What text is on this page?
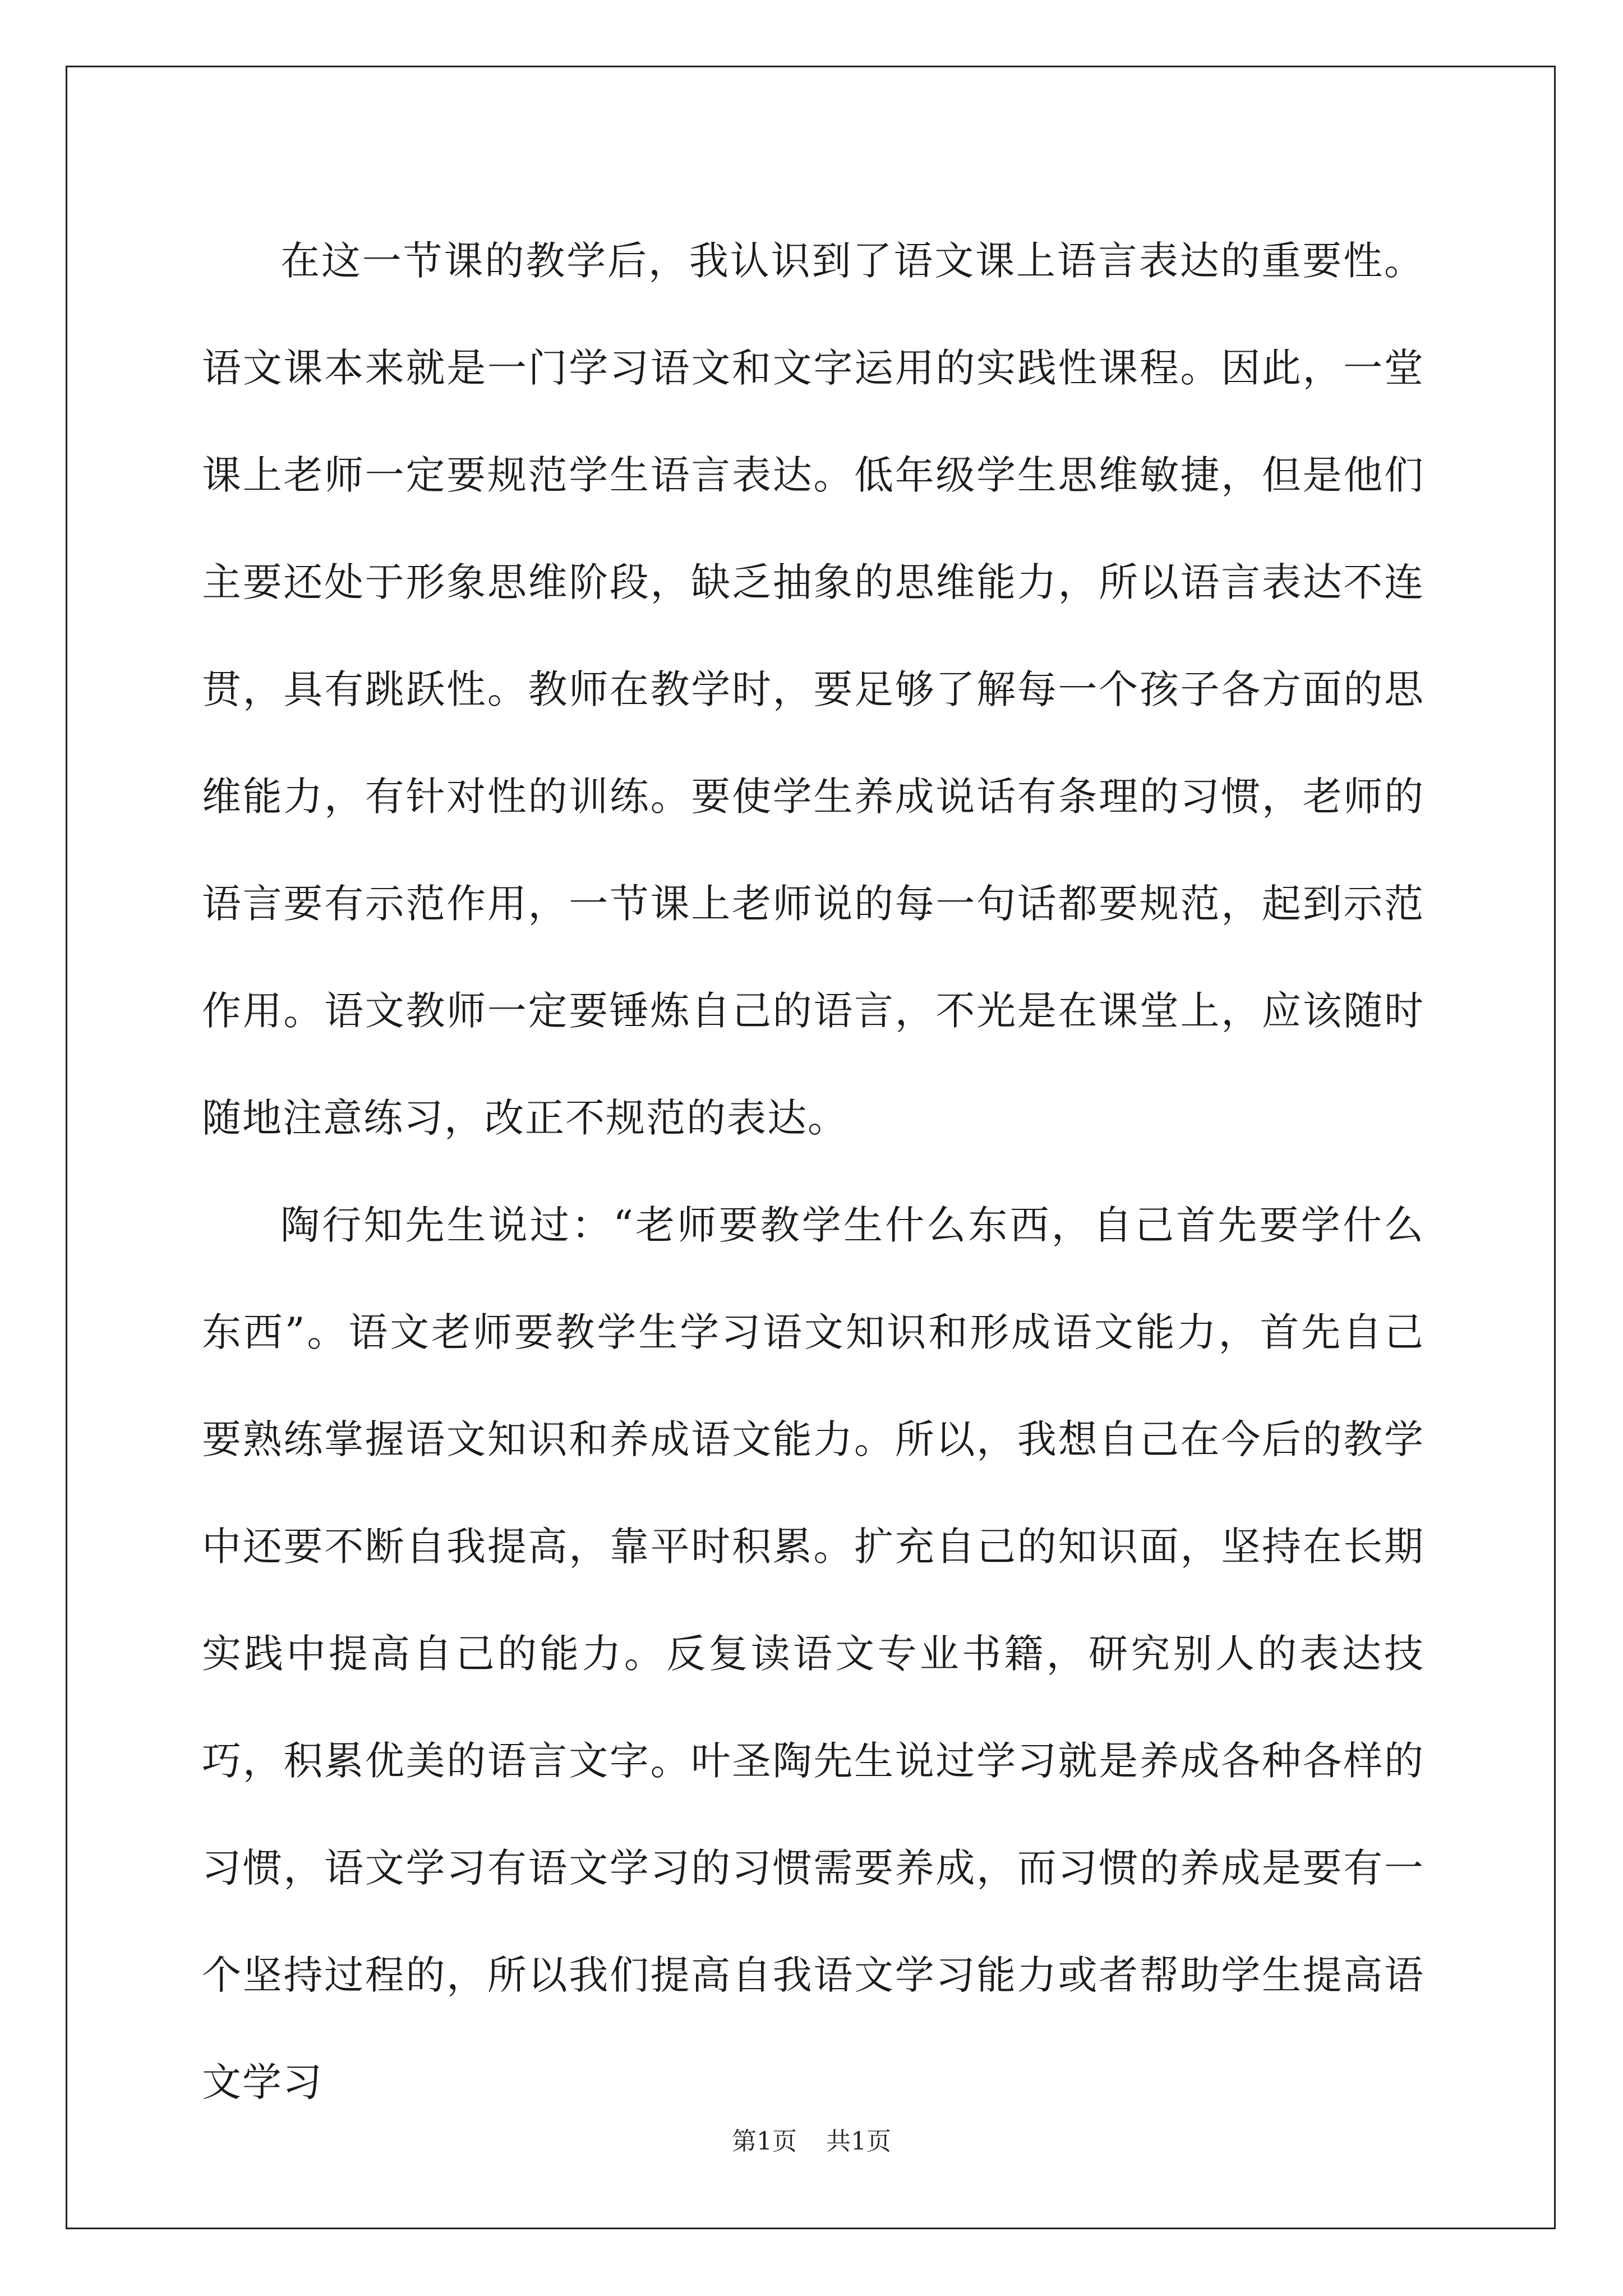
在这一节课的教学后，我认识到了语文课上语言表达的重要性。语文课本来就是一门学习语文和文字运用的实践性课程。因此，一堂课上老师一定要规范学生语言表达。低年级学生思维敏捷，但是他们主要还处于形象思维阶段，缺乏抽象的思维能力，所以语言表达不连贯，具有跳跃性。教师在教学时，要足够了解每一个孩子各方面的思维能力，有针对性的训练。要使学生养成说话有条理的习惯，老师的语言要有示范作用，一节课上老师说的每一句话都要规范，起到示范作用。语文教师一定要锤炼自己的语言，不光是在课堂上，应该随时随地注意练习，改正不规范的表达。

陶行知先生说过：“老师要教学生什么东西，自己首先要学什么东西”。语文老师要教学生学习语文知识和形成语文能力，首先自己要熟练掌握语文知识和养成语文能力。所以，我想自己在今后的教学中还要不断自我提高，靠平时积累。扩充自己的知识面，坚持在长期实践中提高自己的能力。反复读语文专业书籍，研究别人的表达技巧，积累优美的语言文字。叶圣陶先生说过学习就是养成各种各样的习惯，语文学习有语文学习的习惯需要养成，而习惯的养成是要有一个坚持过程的，所以我们提高自我语文学习能力或者帮助学生提高语文学习

第1页 共1页
